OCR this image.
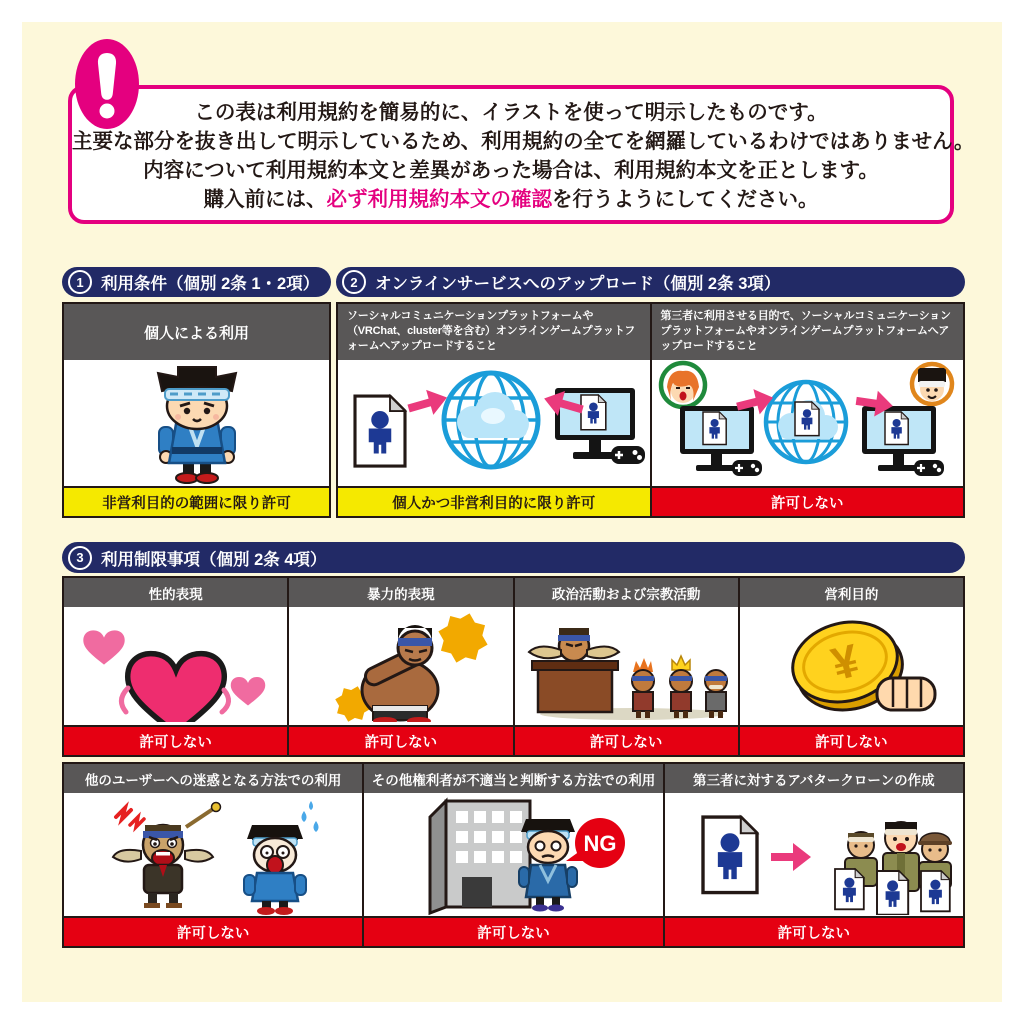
この表は利用規約を簡易的に、イラストを使って明示したものです。

主要な部分を抜き出して明示しているため、利用規約の全てを網羅しているわけではありません。

内容について利用規約本文と差異があった場合は、利用規約本文を正とします。

購入前には、必ず利用規約本文の確認を行うようにしてください。

1	利用条件（個別 2条 1・2項）	2	オンラインサービスへのアップロード（個別 2条 3項）
個人による利用
非営利目的の範囲に限り許可
ソーシャルコミュニケーションプラットフォームや（VRChat、cluster等を含む）オンラインゲームプラットフォームへアップロードすること
個人かつ非営利目的に限り許可
第三者に利用させる目的で、ソーシャルコミュニケーションプラットフォームやオンラインゲームプラットフォームへアップロードすること
許可しない
3	利用制限事項（個別 2条 4項）
性的表現
許可しない
暴力的表現
許可しない
政治活動および宗教活動
許可しない
営利目的
¥
許可しない
他のユーザーへの迷惑となる方法での利用
許可しない
その他権利者が不適当と判断する方法での利用
NG
許可しない
第三者に対するアバタークローンの作成
許可しない
